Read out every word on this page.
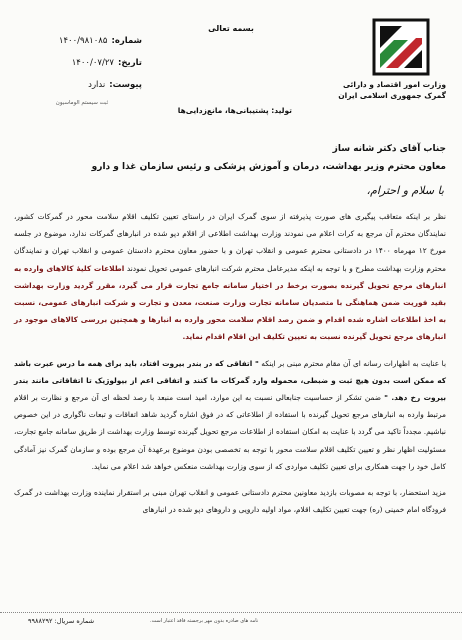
بسمه تعالی
شماره:
۱۴۰۰/۹۸۱۰۸۵
تاریخ:
۱۴۰۰/۰۷/۲۷
پیوست:
ندارد
ثبت سیستم الوماسیون
وزارت امور اقتصاد و دارائی
گمرک جمهوری اسلامی ایران
تولید: پشتیبانی‌ها، مانع‌زدایی‌ها
جناب آقای دکتر شانه ساز
معاون محترم وزیر بهداشت، درمان و آموزش پزشکی و رئیس سازمان غذا و دارو
با سلام و احترام،

نظر بر اینکه متعاقب پیگیری های صورت پذیرفته از سوی گمرک ایران در راستای تعیین تکلیف اقلام سلامت محور در گمرکات کشور، نمایندگان محترم آن مرجع به کرات اعلام می نمودند وزارت بهداشت اطلاعی از اقلام دپو شده در انبارهای گمرکات ندارد، موضوع در جلسه مورخ ۱۲ مهرماه ۱۴۰۰ در دادستانی محترم عمومی و انقلاب تهران و با حضور معاون محترم دادستان عمومی و انقلاب تهران و نمایندگان محترم وزارت بهداشت مطرح و با توجه به اینکه مدیرعامل محترم شرکت انبارهای عمومی تحویل نمودند اطلاعات کلیهٔ کالاهای وارده به انبارهای مرجع تحویل گیرنده بصورت برخط در اختیار سامانه جامع تجارت قرار می گیرد، مقرر گردید وزارت بهداشت بقید فوریت ضمن هماهنگی با متصدیان سامانه تجارت وزارت صنعت، معدن و تجارت و شرکت انبارهای عمومی، نسبت به اخذ اطلاعات اشاره شده اقدام و ضمن رصد اقلام سلامت محور وارده به انبارها و همچنین بررسی کالاهای موجود در انبارهای مرجع تحویل گیرنده نسبت به تعیین تکلیف این اقلام اقدام نماید.

با عنایت به اظهارات رسانه ای آن مقام محترم مبنی بر اینکه " اتفاقی که در بندر بیروت افتاد، باید برای همه ما درس عبرت باشد که ممکن است بدون هیچ ثبت و ضبطی، محموله وارد گمرکات ما کنند و اتفاقی اعم از بیولوژیک تا اتفاقاتی مانند بندر بیروت رخ دهد. " ضمن تشکر از حساسیت جنابعالی نسبت به این موارد، امید است منبعد با رصد لحظه ای آن مرجع و نظارت بر اقلام مرتبط وارده به انبارهای مرجع تحویل گیرنده با استفاده از اطلاعاتی که در فوق اشاره گردید شاهد اتفاقات و تبعات ناگواری در این خصوص نباشیم. مجدداً تاکید می گردد با عنایت به امکان استفاده از اطلاعات مرجع تحویل گیرنده توسط وزارت بهداشت از طریق سامانه جامع تجارت، مسئولیت اظهار نظر و تعیین تکلیف اقلام سلامت محور با توجه به تخصصی بودن موضوع برعهدهٔ آن مرجع بوده و سازمان گمرک نیز آمادگی کامل خود را جهت همکاری برای تعیین تکلیف مواردی که از سوی وزارت بهداشت منعکس خواهد شد اعلام می نماید.

مزید استحضار، با توجه به مصوبات بازدید معاونین محترم دادستانی عمومی و انقلاب تهران مبنی بر استقرار نماینده وزارت بهداشت در گمرک فرودگاه امام خمینی (ره) جهت تعیین تکلیف اقلام، مواد اولیه دارویی و داروهای دپو شده در انبارهای

شماره سریال: ۹۹۸۸۲۹۲	نامه های صادره بدون مهر برجسته فاقد اعتبار است.
